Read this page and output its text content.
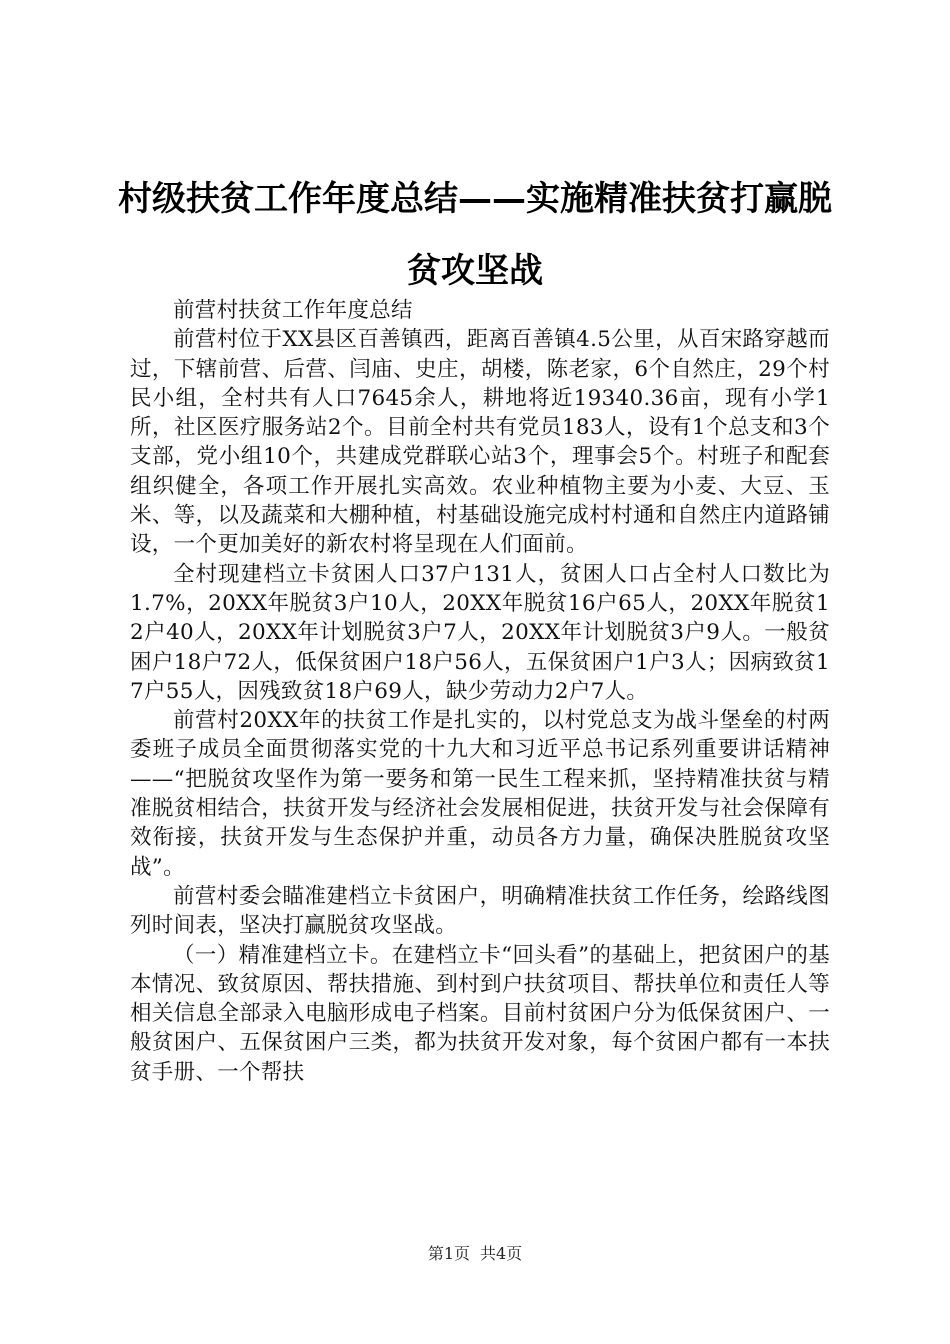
村级扶贫工作年度总结——实施精准扶贫打赢脱贫攻坚战

前营村扶贫工作年度总结

前营村位于XX县区百善镇西，距离百善镇4.5公里，从百宋路穿越而过，下辖前营、后营、闫庙、史庄，胡楼，陈老家，6个自然庄，29个村民小组，全村共有人口7645余人，耕地将近19340.36亩，现有小学1所，社区医疗服务站2个。目前全村共有党员183人，设有1个总支和3个支部，党小组10个，共建成党群联心站3个，理事会5个。村班子和配套组织健全，各项工作开展扎实高效。农业种植物主要为小麦、大豆、玉米、等，以及蔬菜和大棚种植，村基础设施完成村村通和自然庄内道路铺设，一个更加美好的新农村将呈现在人们面前。

全村现建档立卡贫困人口37户131人，贫困人口占全村人口数比为1.7%，20XX年脱贫3户10人，20XX年脱贫16户65人，20XX年脱贫12户40人，20XX年计划脱贫3户7人，20XX年计划脱贫3户9人。一般贫困户18户72人，低保贫困户18户56人，五保贫困户1户3人；因病致贫17户55人，因残致贫18户69人，缺少劳动力2户7人。

前营村20XX年的扶贫工作是扎实的，以村党总支为战斗堡垒的村两委班子成员全面贯彻落实党的十九大和习近平总书记系列重要讲话精神——“把脱贫攻坚作为第一要务和第一民生工程来抓，坚持精准扶贫与精准脱贫相结合，扶贫开发与经济社会发展相促进，扶贫开发与社会保障有效衔接，扶贫开发与生态保护并重，动员各方力量，确保决胜脱贫攻坚战”。

前营村委会瞄准建档立卡贫困户，明确精准扶贫工作任务，绘路线图列时间表，坚决打赢脱贫攻坚战。

（一）精准建档立卡。在建档立卡“回头看”的基础上，把贫困户的基本情况、致贫原因、帮扶措施、到村到户扶贫项目、帮扶单位和责任人等相关信息全部录入电脑形成电子档案。目前村贫困户分为低保贫困户、一般贫困户、五保贫困户三类，都为扶贫开发对象，每个贫困户都有一本扶贫手册、一个帮扶

第1页 共4页
